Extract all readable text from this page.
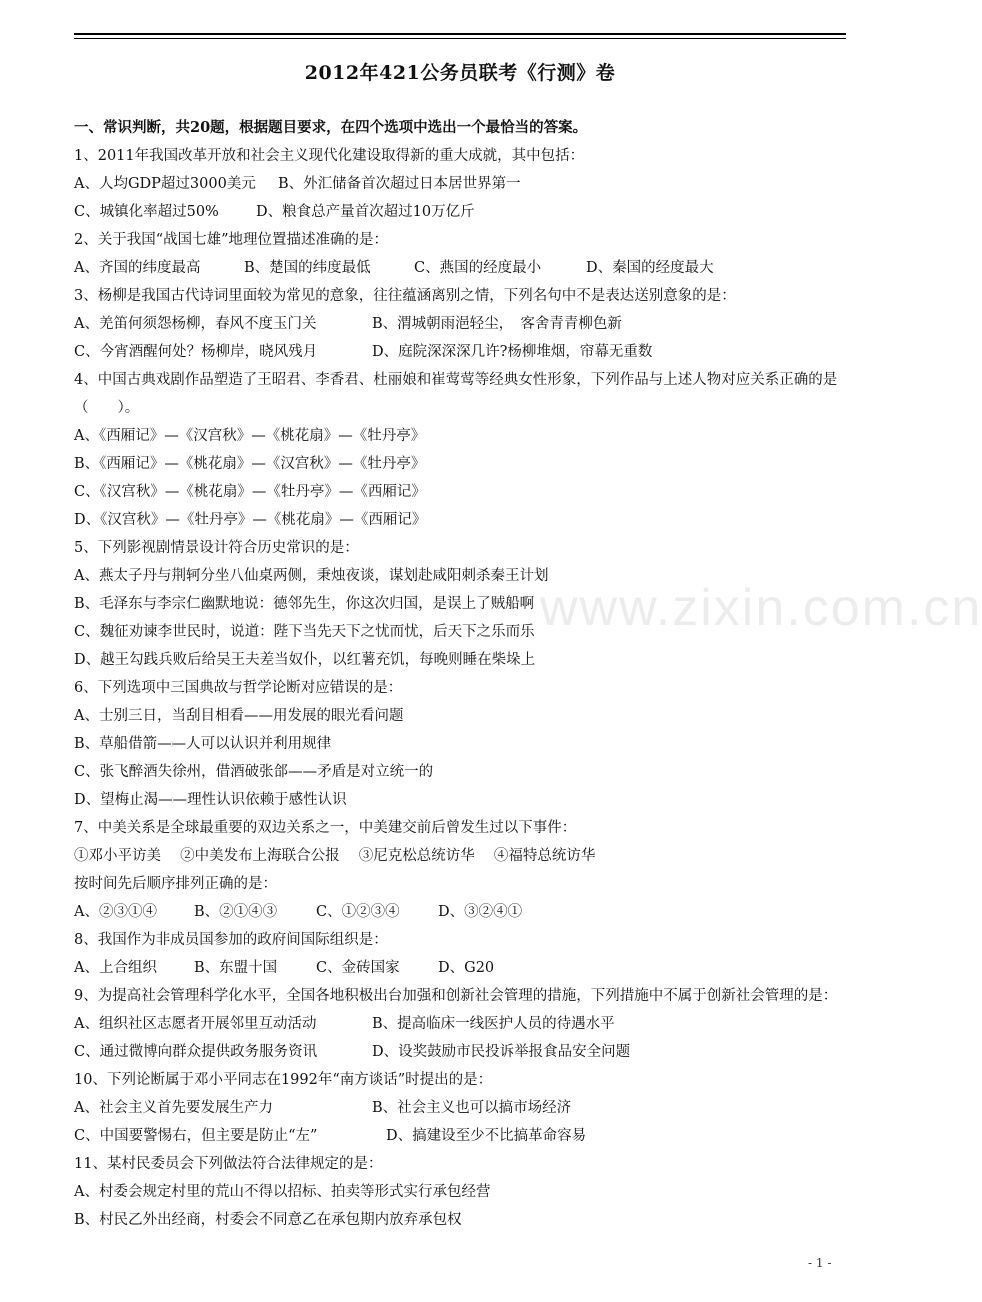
2012年421公务员联考《行测》卷
一、常识判断，共20题，根据题目要求，在四个选项中选出一个最恰当的答案。
1、2011年我国改革开放和社会主义现代化建设取得新的重大成就，其中包括：
A、人均GDP超过3000美元 B、外汇储备首次超过日本居世界第一
C、城镇化率超过50%	D、粮食总产量首次超过10万亿斤
2、关于我国“战国七雄”地理位置描述准确的是：
A、齐国的纬度最高	B、楚国的纬度最低	C、燕国的经度最小	D、秦国的经度最大
3、杨柳是我国古代诗词里面较为常见的意象，往往蕴涵离别之情，下列名句中不是表达送别意象的是：
A、羌笛何须怨杨柳，春风不度玉门关	B、渭城朝雨浥轻尘，　客舍青青柳色新
C、今宵酒醒何处？杨柳岸，晓风残月	D、庭院深深深几许?杨柳堆烟，帘幕无重数
4、中国古典戏剧作品塑造了王昭君、李香君、杜丽娘和崔莺莺等经典女性形象，下列作品与上述人物对应关系正确的是　（　　）。
A、《西厢记》—《汉宫秋》—《桃花扇》—《牡丹亭》
B、《西厢记》—《桃花扇》—《汉宫秋》—《牡丹亭》
C、《汉宫秋》—《桃花扇》—《牡丹亭》—《西厢记》
D、《汉宫秋》—《牡丹亭》—《桃花扇》—《西厢记》
5、下列影视剧情景设计符合历史常识的是：
A、燕太子丹与荆轲分坐八仙桌两侧，秉烛夜谈，谋划赴咸阳刺杀秦王计划
B、毛泽东与李宗仁幽默地说：德邻先生，你这次归国，是误上了贼船啊
C、魏征劝谏李世民时，说道：陛下当先天下之忧而忧，后天下之乐而乐
D、越王勾践兵败后给吴王夫差当奴仆，以红薯充饥，每晚则睡在柴垛上
6、下列选项中三国典故与哲学论断对应错误的是：
A、士别三日，当刮目相看——用发展的眼光看问题
B、草船借箭——人可以认识并利用规律
C、张飞醉酒失徐州，借酒破张郃——矛盾是对立统一的
D、望梅止渴——理性认识依赖于感性认识
7、中美关系是全球最重要的双边关系之一，中美建交前后曾发生过以下事件：
①邓小平访美　 ②中美发布上海联合公报　 ③尼克松总统访华　 ④福特总统访华
按时间先后顺序排列正确的是：
A、②③①④	B、②①④③	C、①②③④	D、③②④①
8、我国作为非成员国参加的政府间国际组织是：
A、上合组织	B、东盟十国	C、金砖国家	D、G20
9、为提高社会管理科学化水平，全国各地积极出台加强和创新社会管理的措施，下列措施中不属于创新社会管理的是：
A、组织社区志愿者开展邻里互动活动	B、提高临床一线医护人员的待遇水平
C、通过微博向群众提供政务服务资讯	D、设奖鼓励市民投诉举报食品安全问题
10、下列论断属于邓小平同志在1992年“南方谈话”时提出的是：
A、社会主义首先要发展生产力	B、社会主义也可以搞市场经济
C、中国要警惕右，但主要是防止“左”	D、搞建设至少不比搞革命容易
11、某村民委员会下列做法符合法律规定的是：
A、村委会规定村里的荒山不得以招标、拍卖等形式实行承包经营
B、村民乙外出经商，村委会不同意乙在承包期内放弃承包权
www.zixin.com.cn
- 1 -
